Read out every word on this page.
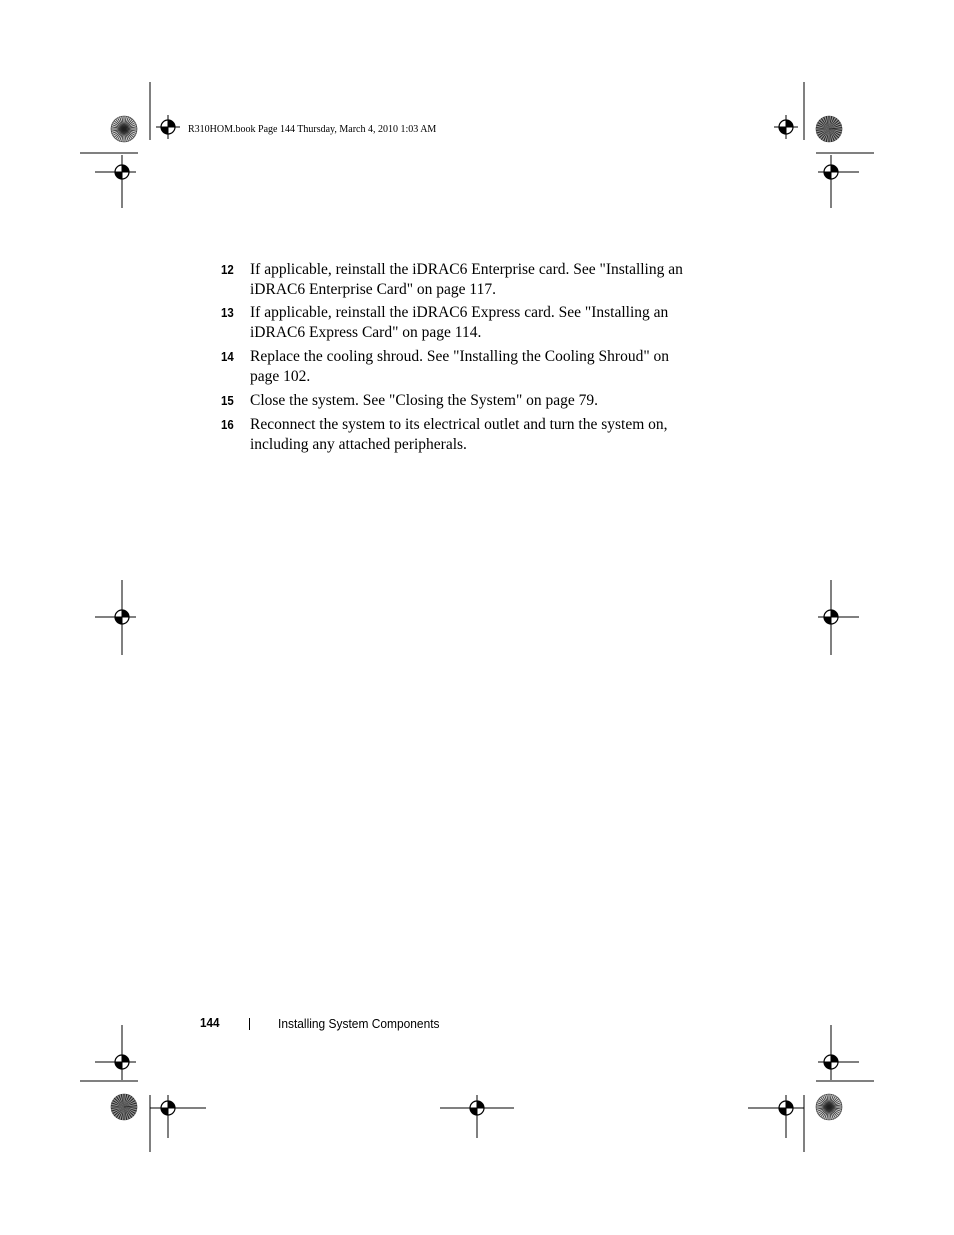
R310HOM.book Page 144 Thursday, March 4, 2010 1:03 AM
12	If applicable, reinstall the iDRAC6 Enterprise card. See "Installing an
iDRAC6 Enterprise Card" on page 117.
13	If applicable, reinstall the iDRAC6 Express card. See "Installing an
iDRAC6 Express Card" on page 114.
14	Replace the cooling shroud. See "Installing the Cooling Shroud" on
page 102.
15	Close the system. See "Closing the System" on page 79.
16	Reconnect the system to its electrical outlet and turn the system on,
including any attached peripherals.
144	Installing System Components
